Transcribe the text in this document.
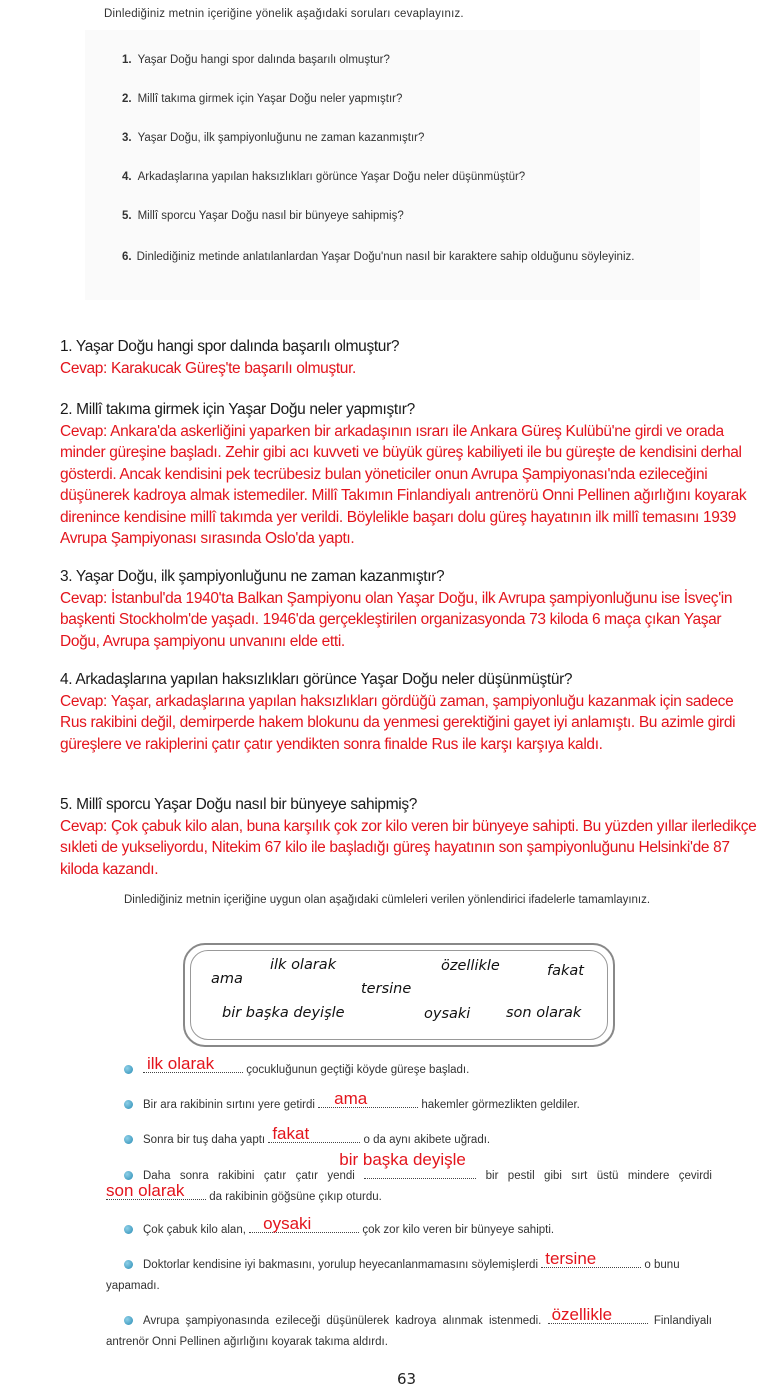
Dinlediğiniz metnin içeriğine yönelik aşağıdaki soruları cevaplayınız.
1. Yaşar Doğu hangi spor dalında başarılı olmuştur?
2. Millî takıma girmek için Yaşar Doğu neler yapmıştır?
3. Yaşar Doğu, ilk şampiyonluğunu ne zaman kazanmıştır?
4. Arkadaşlarına yapılan haksızlıkları görünce Yaşar Doğu neler düşünmüştür?
5. Millî sporcu Yaşar Doğu nasıl bir bünyeye sahipmiş?
6. Dinlediğiniz metinde anlatılanlardan Yaşar Doğu'nun nasıl bir karaktere sahip olduğunu söyleyiniz.
1. Yaşar Doğu hangi spor dalında başarılı olmuştur?
Cevap: Karakucak Güreş'te başarılı olmuştur.
2. Millî takıma girmek için Yaşar Doğu neler yapmıştır?
Cevap: Ankara'da askerliğini yaparken bir arkadaşının ısrarı ile Ankara Güreş Kulübü'ne girdi ve orada minder güreşine başladı. Zehir gibi acı kuvveti ve büyük güreş kabiliyeti ile bu güreşte de kendisini derhal gösterdi. Ancak kendisini pek tecrübesiz bulan yöneticiler onun Avrupa Şampiyonası'nda ezileceğini düşünerek kadroya almak istemediler. Millî Takımın Finlandiyalı antrenörü Onni Pellinen ağırlığını koyarak direnince kendisine millî takımda yer verildi. Böylelikle başarı dolu güreş hayatının ilk millî temasını 1939 Avrupa Şampiyonası sırasında Oslo'da yaptı.
3. Yaşar Doğu, ilk şampiyonluğunu ne zaman kazanmıştır?
Cevap: İstanbul'da 1940'ta Balkan Şampiyonu olan Yaşar Doğu, ilk Avrupa şampiyonluğunu ise İsveç'in başkenti Stockholm'de yaşadı. 1946'da gerçekleştirilen organizasyonda 73 kiloda 6 maça çıkan Yaşar Doğu, Avrupa şampiyonu unvanını elde etti.
4. Arkadaşlarına yapılan haksızlıkları görünce Yaşar Doğu neler düşünmüştür?
Cevap: Yaşar, arkadaşlarına yapılan haksızlıkları gördüğü zaman, şampiyonluğu kazanmak için sadece Rus rakibini değil, demirperde hakem blokunu da yenmesi gerektiğini gayet iyi anlamıştı. Bu azimle girdi güreşlere ve rakiplerini çatır çatır yendikten sonra finalde Rus ile karşı karşıya kaldı.
5. Millî sporcu Yaşar Doğu nasıl bir bünyeye sahipmiş?
Cevap: Çok çabuk kilo alan, buna karşılık çok zor kilo veren bir bünyeye sahipti. Bu yüzden yıllar ilerledikçe sıkleti de yukseliyordu, Nitekim 67 kilo ile başladığı güreş hayatının son şampiyonluğunu Helsinki'de 87 kiloda kazandı.
Dinlediğiniz metnin içeriğine uygun olan aşağıdaki cümleleri verilen yönlendirici ifadelerle tamamlayınız.
ama
ilk olarak
tersine
özellikle	fakat
bir başka deyişle	oysaki son olarak
ilk olarak	çocukluğunun geçtiği köyde güreşe başladı.
Bir ara rakibinin sırtını yere getirdi ama	hakemler görmezlikten geldiler.
Sonra bir tuş daha yaptı fakat	o da aynı akibete uğradı.
Daha sonra rakibini çatır çatır yendi
bir başka deyişle
bir pestil gibi sırt üstü mindere çevirdi
son olarak da rakibinin göğsüne çıkıp oturdu.
Çok çabuk kilo alan, oysaki	çok zor kilo veren bir bünyeye sahipti.
Doktorlar kendisine iyi bakmasını, yorulup heyecanlanmamasını söylemişlerdi tersine	o bunu yapamadı.
Avrupa şampiyonasında ezileceği düşünülerek kadroya alınmak istenmedi. özellikle	Finlandiyalı antrenör Onni Pellinen ağırlığını koyarak takıma aldırdı.
63
